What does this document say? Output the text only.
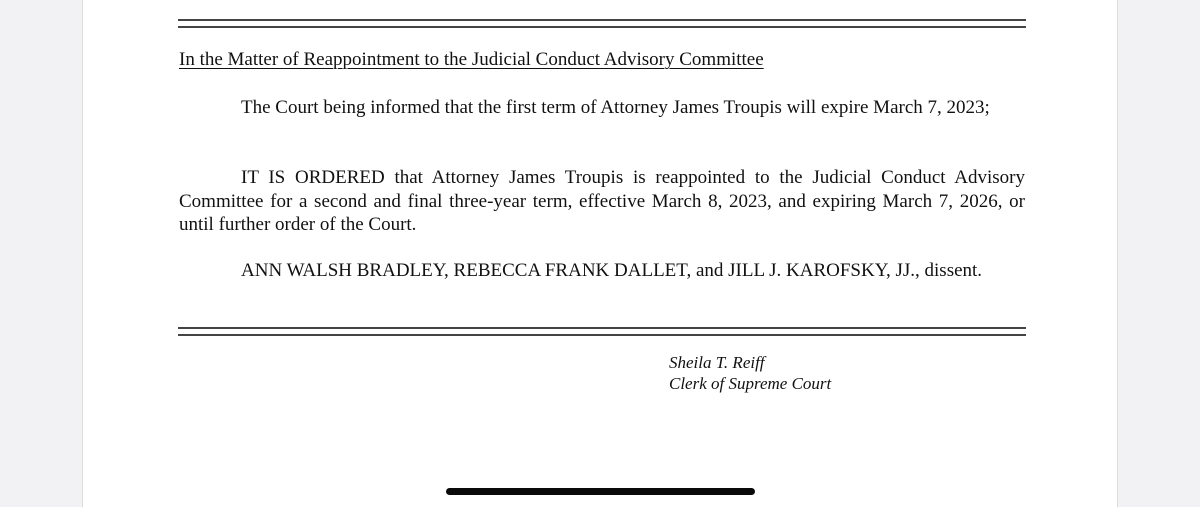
In the Matter of Reappointment to the Judicial Conduct Advisory Committee

The Court being informed that the first term of Attorney James Troupis will expire March 7, 2023;

IT IS ORDERED that Attorney James Troupis is reappointed to the Judicial Conduct Advisory Committee for a second and final three-year term, effective March 8, 2023, and expiring March 7, 2026, or until further order of the Court.

ANN WALSH BRADLEY, REBECCA FRANK DALLET, and JILL J. KAROFSKY, JJ., dissent.

Sheila T. Reiff
Clerk of Supreme Court
